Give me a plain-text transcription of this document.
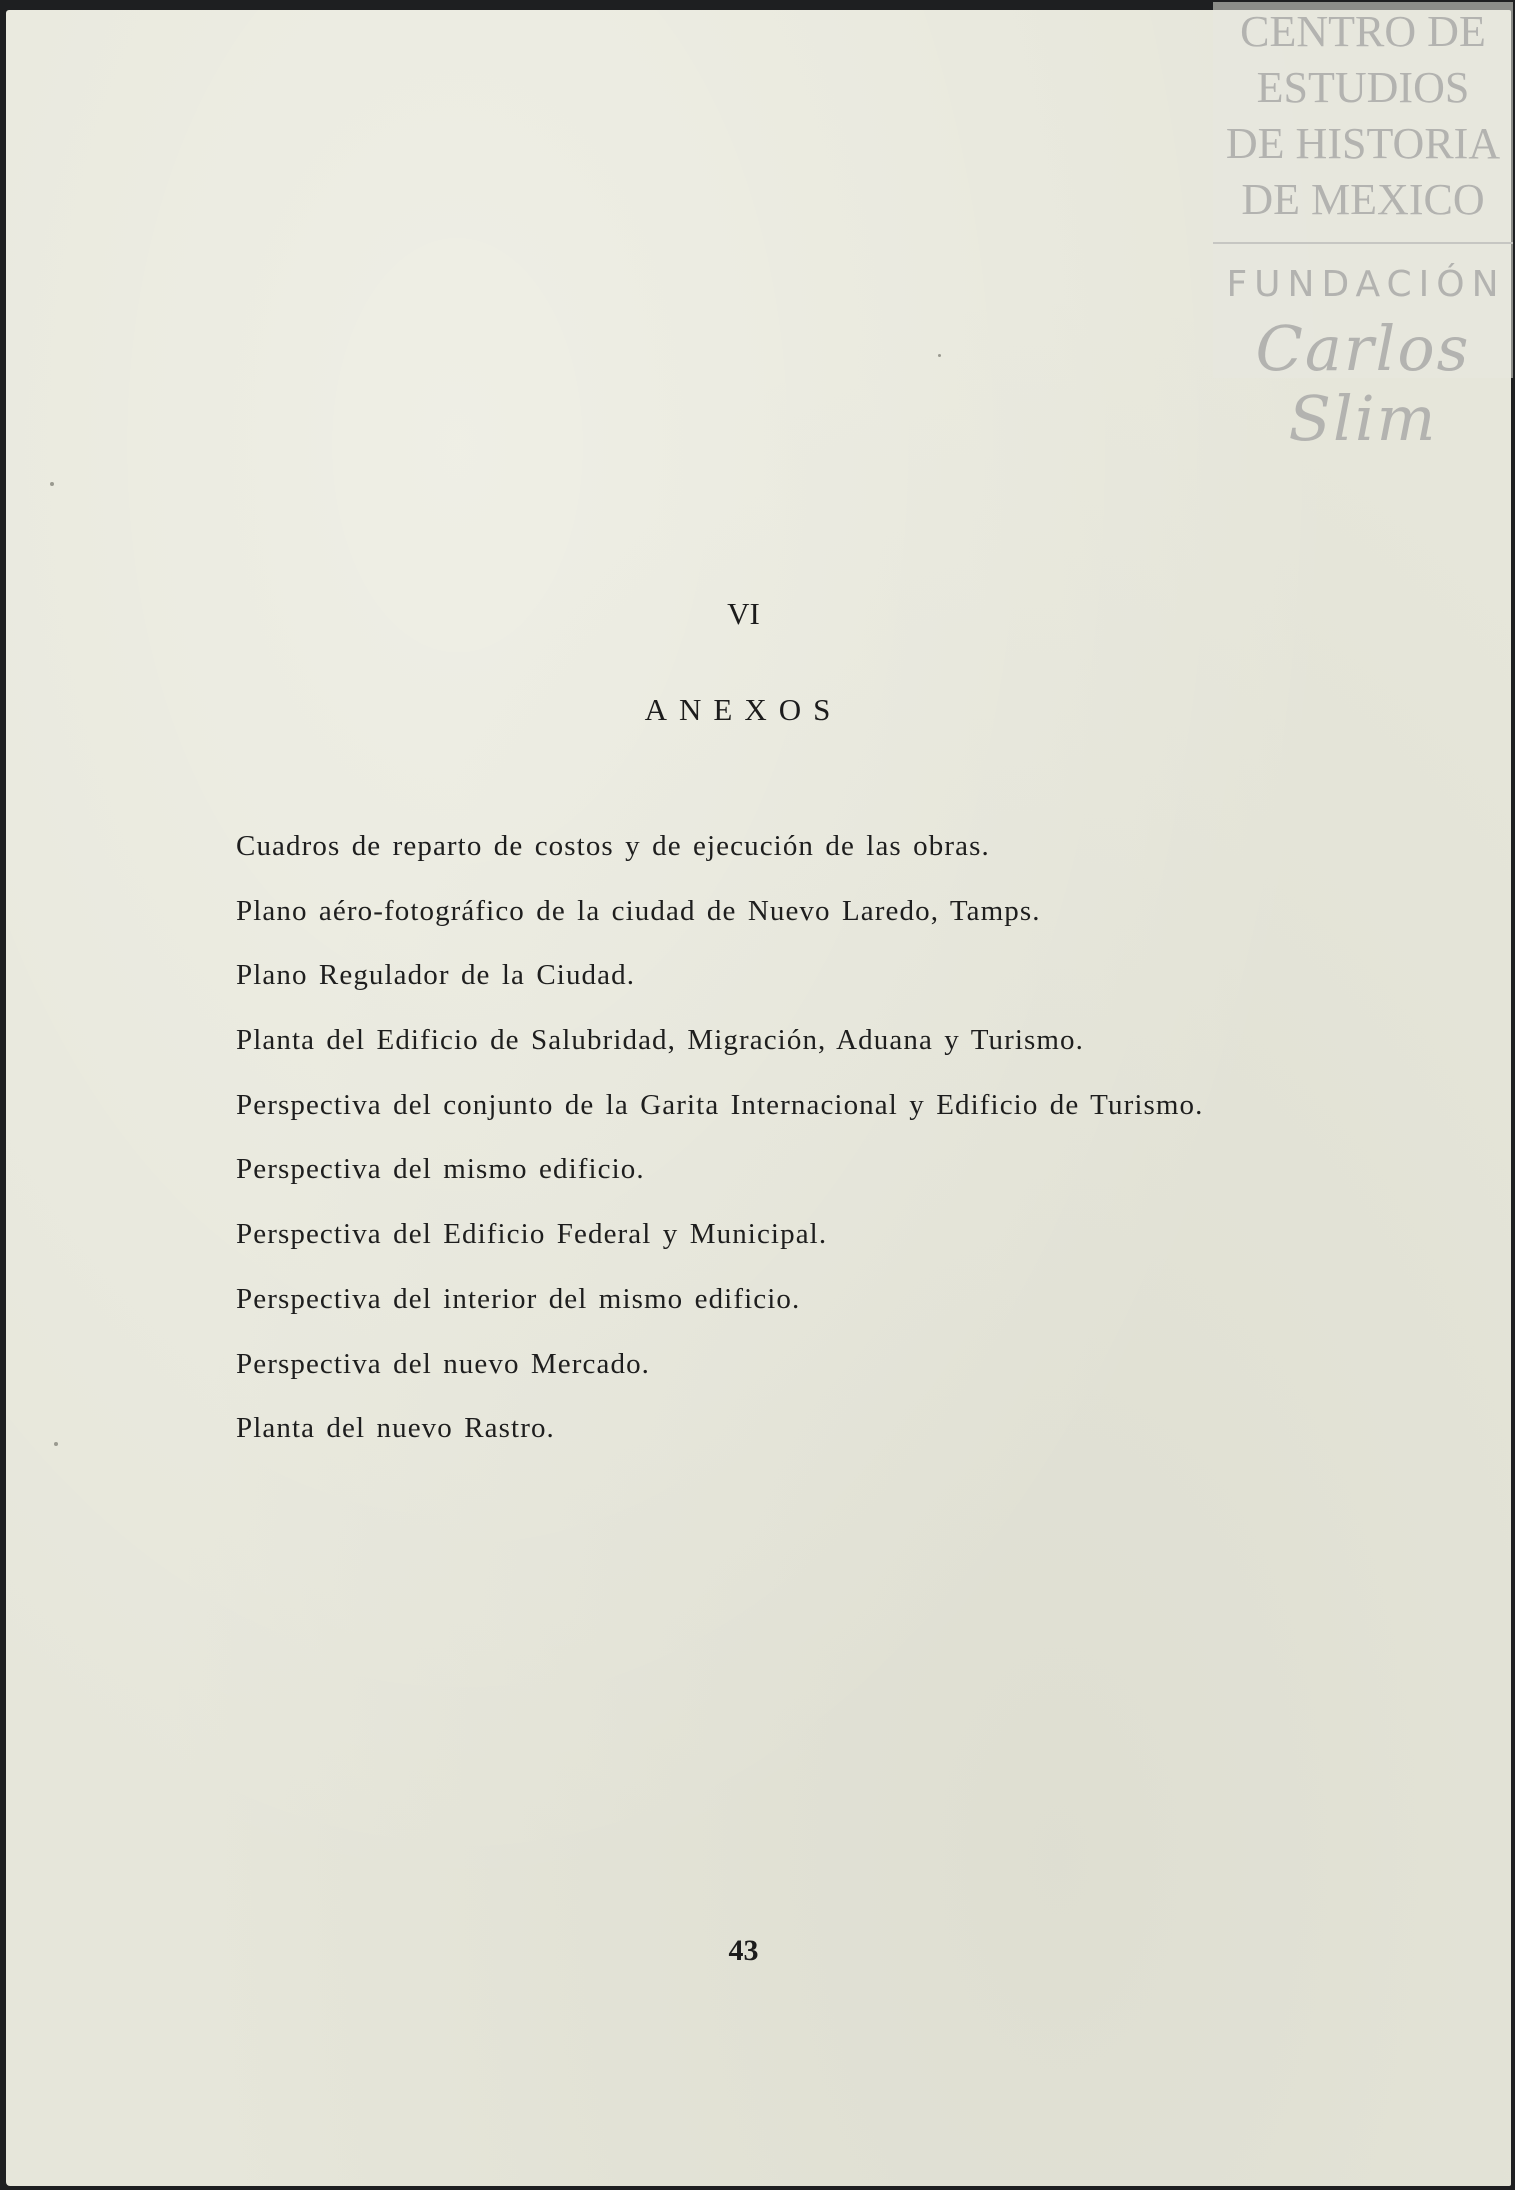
VI
ANEXOS
Cuadros de reparto de costos y de ejecución de las obras.
Plano aéro-fotográfico de la ciudad de Nuevo Laredo, Tamps.
Plano Regulador de la Ciudad.
Planta del Edificio de Salubridad, Migración, Aduana y Turismo.
Perspectiva del conjunto de la Garita Internacional y Edificio de Turismo.
Perspectiva del mismo edificio.
Perspectiva del Edificio Federal y Municipal.
Perspectiva del interior del mismo edificio.
Perspectiva del nuevo Mercado.
Planta del nuevo Rastro.
43
CENTRO DE
ESTUDIOS
DE HISTORIA
DE MEXICO
FUNDACIÓN
Carlos Slim
